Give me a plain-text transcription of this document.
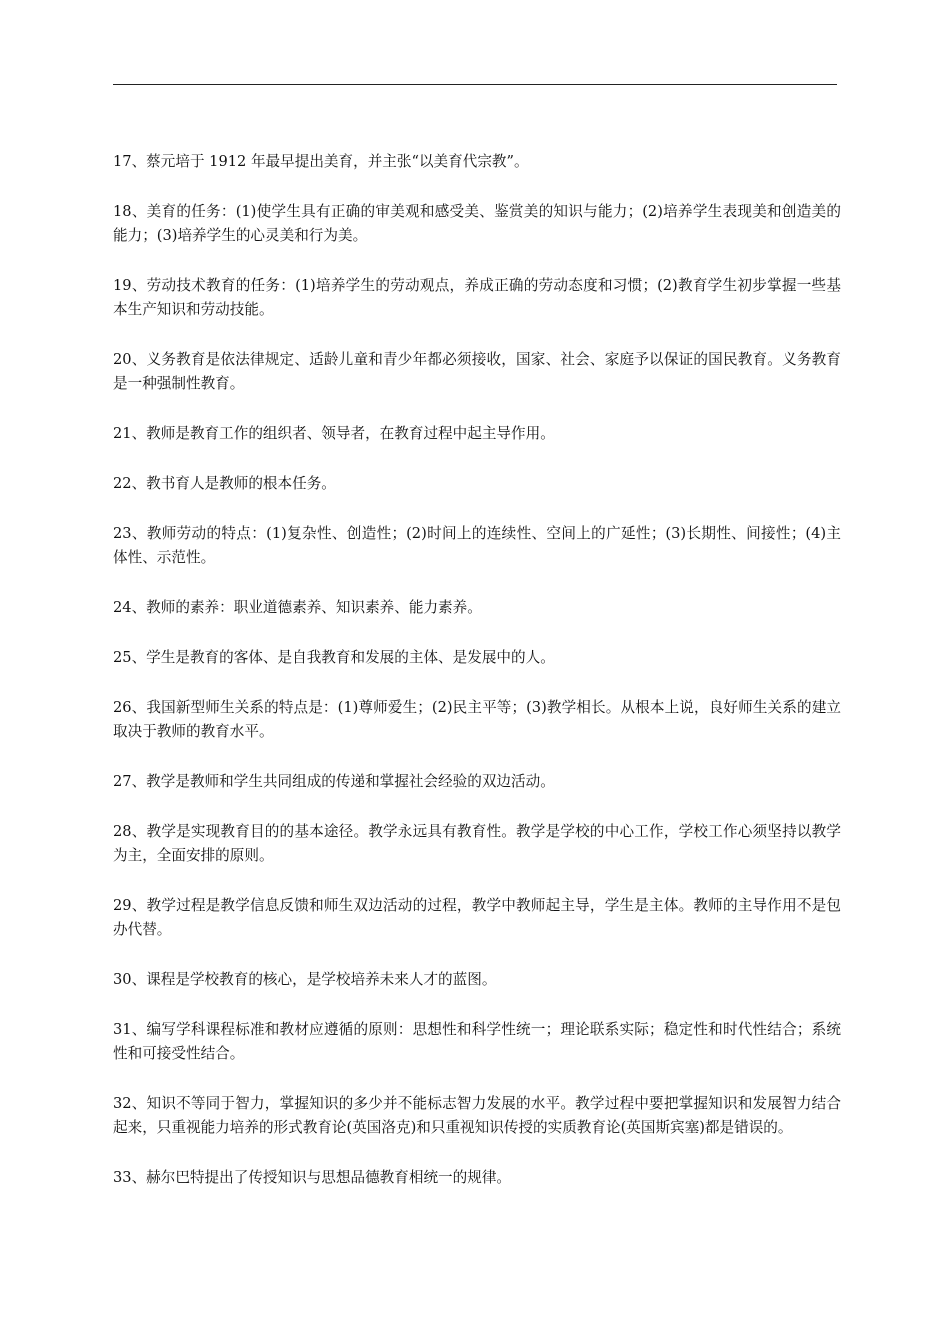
17、蔡元培于 1912 年最早提出美育，并主张“以美育代宗教”。

18、美育的任务：(1)使学生具有正确的审美观和感受美、鉴赏美的知识与能力；(2)培养学生表现美和创造美的能力；(3)培养学生的心灵美和行为美。

19、劳动技术教育的任务：(1)培养学生的劳动观点，养成正确的劳动态度和习惯；(2)教育学生初步掌握一些基本生产知识和劳动技能。

20、义务教育是依法律规定、适龄儿童和青少年都必须接收，国家、社会、家庭予以保证的国民教育。义务教育是一种强制性教育。

21、教师是教育工作的组织者、领导者，在教育过程中起主导作用。

22、教书育人是教师的根本任务。

23、教师劳动的特点：(1)复杂性、创造性；(2)时间上的连续性、空间上的广延性；(3)长期性、间接性；(4)主体性、示范性。

24、教师的素养：职业道德素养、知识素养、能力素养。

25、学生是教育的客体、是自我教育和发展的主体、是发展中的人。

26、我国新型师生关系的特点是：(1)尊师爱生；(2)民主平等；(3)教学相长。从根本上说，良好师生关系的建立取决于教师的教育水平。

27、教学是教师和学生共同组成的传递和掌握社会经验的双边活动。

28、教学是实现教育目的的基本途径。教学永远具有教育性。教学是学校的中心工作，学校工作心须坚持以教学为主，全面安排的原则。

29、教学过程是教学信息反馈和师生双边活动的过程，教学中教师起主导，学生是主体。教师的主导作用不是包办代替。

30、课程是学校教育的核心，是学校培养未来人才的蓝图。

31、编写学科课程标准和教材应遵循的原则：思想性和科学性统一；理论联系实际；稳定性和时代性结合；系统性和可接受性结合。

32、知识不等同于智力，掌握知识的多少并不能标志智力发展的水平。教学过程中要把掌握知识和发展智力结合起来，只重视能力培养的形式教育论(英国洛克)和只重视知识传授的实质教育论(英国斯宾塞)都是错误的。

33、赫尔巴特提出了传授知识与思想品德教育相统一的规律。
